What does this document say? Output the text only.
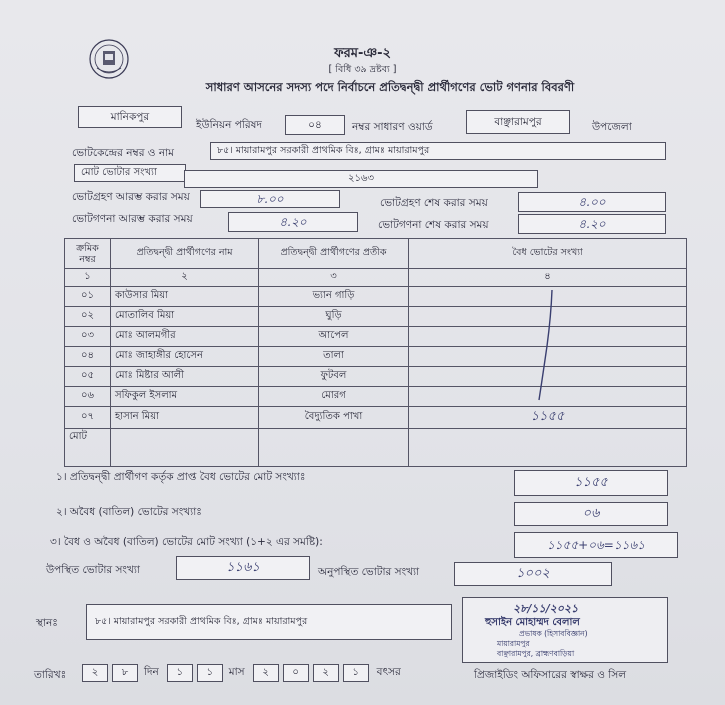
ফরম-ঞ-২
[ বিধি ৩৯ দ্রষ্টব্য ]
সাধারণ আসনের সদস্য পদে নির্বাচনে প্রতিদ্বন্দ্বী প্রার্থীগণের ভোট গণনার বিবরণী
মানিকপুর
ইউনিয়ন পরিষদ	০৪	নম্বর সাধারণ ওয়ার্ড	বাঞ্ছারামপুর	উপজেলা
ভোটকেন্দ্রের নম্বর ও নাম	৮৫। মায়ারামপুর সরকারী প্রাথমিক বিঃ, গ্রামঃ মায়ারামপুর
মোট ভোটার সংখ্যা
২১৬৩
ভোটগ্রহণ আরম্ভ করার সময়	৮.০০	ভোটগ্রহণ শেষ করার সময়	৪.০০
ভোটগণনা আরম্ভ করার সময়	৪.২০	ভোটগণনা শেষ করার সময়	৪.২০
ক্রমিক নম্বর	প্রতিদ্বন্দ্বী প্রার্থীগণের নাম	প্রতিদ্বন্দ্বী প্রার্থীগণের প্রতীক	বৈধ ভোটের সংখ্যা
১	২	৩	৪
০১	কাউসার মিয়া	ভ্যান গাড়ি	
০২	মোতালিব মিয়া	ঘুড়ি	
০৩	মোঃ আলমগীর	আপেল	
০৪	মোঃ জাহাঙ্গীর হোসেন	তালা	
০৫	মোঃ মিষ্টার আলী	ফুটবল	
০৬	সফিকুল ইসলাম	মোরগ	
০৭	হাসান মিয়া	বৈদ্যুতিক পাখা	১১৫৫
মোট			
১। প্রতিদ্বন্দ্বী প্রার্থীগণ কর্তৃক প্রাপ্ত বৈধ ভোটের মোট সংখ্যাঃ	১১৫৫
২। অবৈধ (বাতিল) ভোটের সংখ্যাঃ	০৬
৩। বৈধ ও অবৈধ (বাতিল) ভোটের মোট সংখ্যা (১+২ এর সমষ্টি):	১১৫৫+০৬=১১৬১
উপস্থিত ভোটার সংখ্যা	১১৬১	অনুপস্থিত ভোটার সংখ্যা	১০০২
স্থানঃ	৮৫। মায়ারামপুর সরকারী প্রাথমিক বিঃ, গ্রামঃ মায়ারামপুর
২৮/১১/২০২১
হুসাইন মোহাম্মদ বেলাল
প্রভাষক (হিসাববিজ্ঞান)
মায়ারামপুর
বাঞ্ছারামপুর, ব্রাহ্মণবাড়িয়া
প্রিজাইডিং অফিসারের স্বাক্ষর ও সিল
তারিখঃ	২ ৮	দিন	১ ১	মাস	২ ০ ২ ১	বৎসর
